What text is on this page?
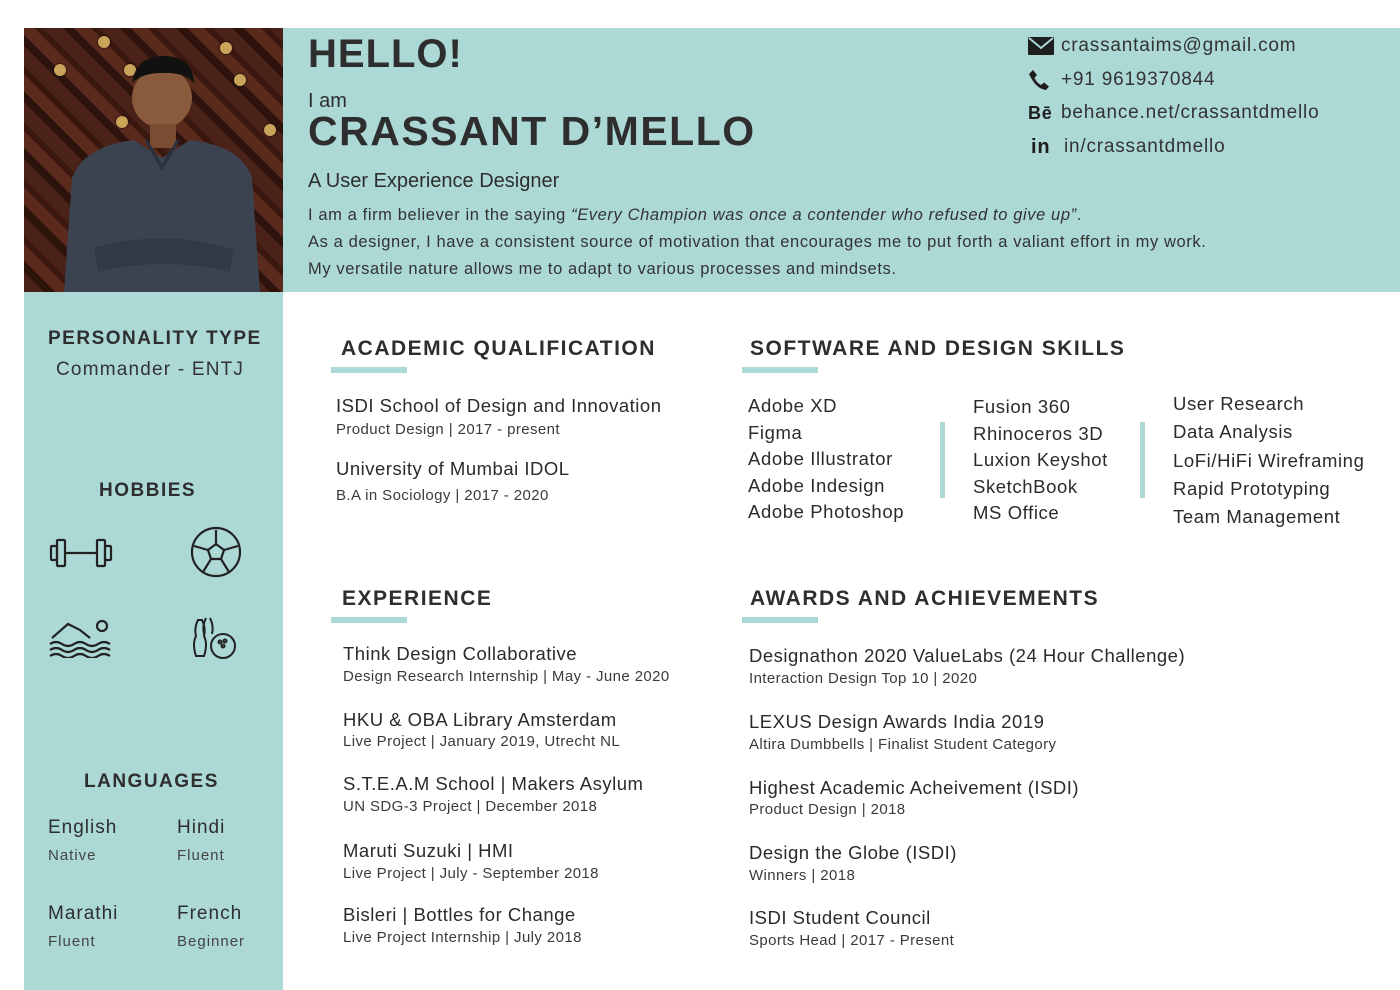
HELLO!
I am
CRASSANT D’MELLO
A User Experience Designer
I am a firm believer in the saying “Every Champion was once a contender who refused to give up”.
As a designer, I have a consistent source of motivation that encourages me to put forth a valiant effort in my work.
My versatile nature allows me to adapt to various processes and mindsets.
crassantaims@gmail.com
+91 9619370844
Bē behance.net/crassantdmello
in in/crassantdmello
PERSONALITY TYPE
Commander - ENTJ
HOBBIES
LANGUAGES
English
Native
Hindi
Fluent
Marathi
Fluent
French
Beginner
ACADEMIC QUALIFICATION
ISDI School of Design and Innovation
Product Design | 2017 - present
University of Mumbai IDOL
B.A in Sociology | 2017 - 2020
SOFTWARE AND DESIGN SKILLS
Adobe XD
Figma
Adobe Illustrator
Adobe Indesign
Adobe Photoshop
Fusion 360
Rhinoceros 3D
Luxion Keyshot
SketchBook
MS Office
User Research
Data Analysis
LoFi/HiFi Wireframing
Rapid Prototyping
Team Management
EXPERIENCE
Think Design Collaborative
Design Research Internship | May - June 2020
HKU & OBA Library Amsterdam
Live Project | January 2019, Utrecht NL
S.T.E.A.M School | Makers Asylum
UN SDG-3 Project | December 2018
Maruti Suzuki | HMI
Live Project | July - September 2018
Bisleri | Bottles for Change
Live Project Internship | July 2018
AWARDS AND ACHIEVEMENTS
Designathon 2020 ValueLabs (24 Hour Challenge)
Interaction Design Top 10 | 2020
LEXUS Design Awards India 2019
Altira Dumbbells | Finalist Student Category
Highest Academic Acheivement (ISDI)
Product Design | 2018
Design the Globe (ISDI)
Winners | 2018
ISDI Student Council
Sports Head | 2017 - Present
